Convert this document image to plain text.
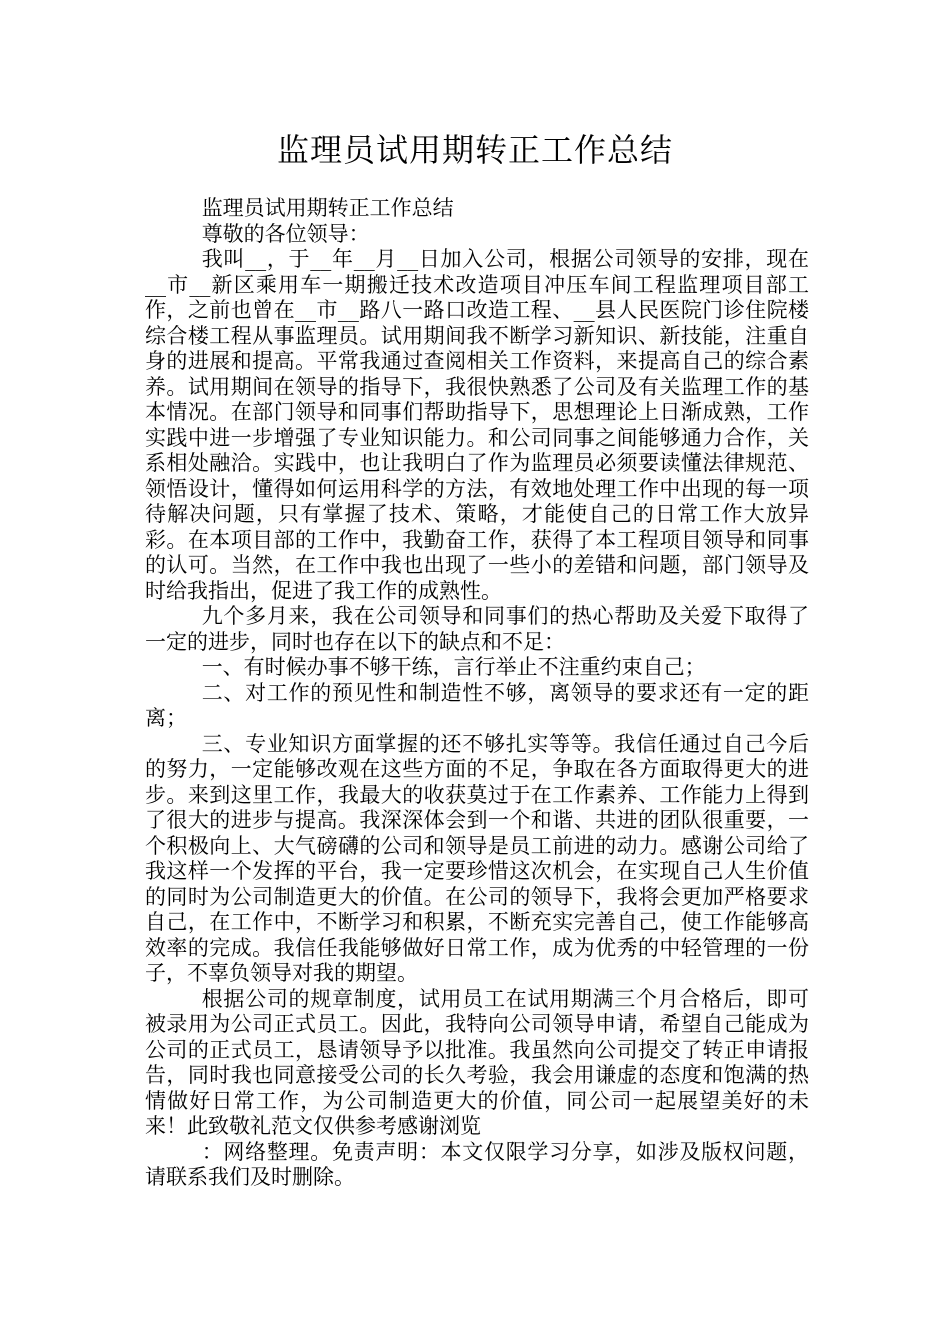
监理员试用期转正工作总结

监理员试用期转正工作总结

尊敬的各位领导：

我叫__，于__年__月__日加入公司，根据公司领导的安排，现在__市__新区乘用车一期搬迁技术改造项目冲压车间工程监理项目部工作，之前也曾在__市__路八一路口改造工程、__县人民医院门诊住院楼综合楼工程从事监理员。试用期间我不断学习新知识、新技能，注重自身的进展和提高。平常我通过查阅相关工作资料，来提高自己的综合素养。试用期间在领导的指导下，我很快熟悉了公司及有关监理工作的基本情况。在部门领导和同事们帮助指导下，思想理论上日渐成熟，工作实践中进一步增强了专业知识能力。和公司同事之间能够通力合作，关系相处融洽。实践中，也让我明白了作为监理员必须要读懂法律规范、领悟设计，懂得如何运用科学的方法，有效地处理工作中出现的每一项待解决问题，只有掌握了技术、策略，才能使自己的日常工作大放异彩。在本项目部的工作中，我勤奋工作，获得了本工程项目领导和同事的认可。当然，在工作中我也出现了一些小的差错和问题，部门领导及时给我指出，促进了我工作的成熟性。

九个多月来，我在公司领导和同事们的热心帮助及关爱下取得了一定的进步，同时也存在以下的缺点和不足：

一、有时候办事不够干练，言行举止不注重约束自己；

二、对工作的预见性和制造性不够，离领导的要求还有一定的距离；

三、专业知识方面掌握的还不够扎实等等。我信任通过自己今后的努力，一定能够改观在这些方面的不足，争取在各方面取得更大的进步。来到这里工作，我最大的收获莫过于在工作素养、工作能力上得到了很大的进步与提高。我深深体会到一个和谐、共进的团队很重要，一个积极向上、大气磅礴的公司和领导是员工前进的动力。感谢公司给了我这样一个发挥的平台，我一定要珍惜这次机会，在实现自己人生价值的同时为公司制造更大的价值。在公司的领导下，我将会更加严格要求自己，在工作中，不断学习和积累，不断充实完善自己，使工作能够高效率的完成。我信任我能够做好日常工作，成为优秀的中轻管理的一份子，不辜负领导对我的期望。

根据公司的规章制度，试用员工在试用期满三个月合格后，即可被录用为公司正式员工。因此，我特向公司领导申请，希望自己能成为公司的正式员工，恳请领导予以批准。我虽然向公司提交了转正申请报告，同时我也同意接受公司的长久考验，我会用谦虚的态度和饱满的热情做好日常工作，为公司制造更大的价值，同公司一起展望美好的未来！此致敬礼范文仅供参考感谢浏览

：网络整理。免责声明：本文仅限学习分享，如涉及版权问题，请联系我们及时删除。
